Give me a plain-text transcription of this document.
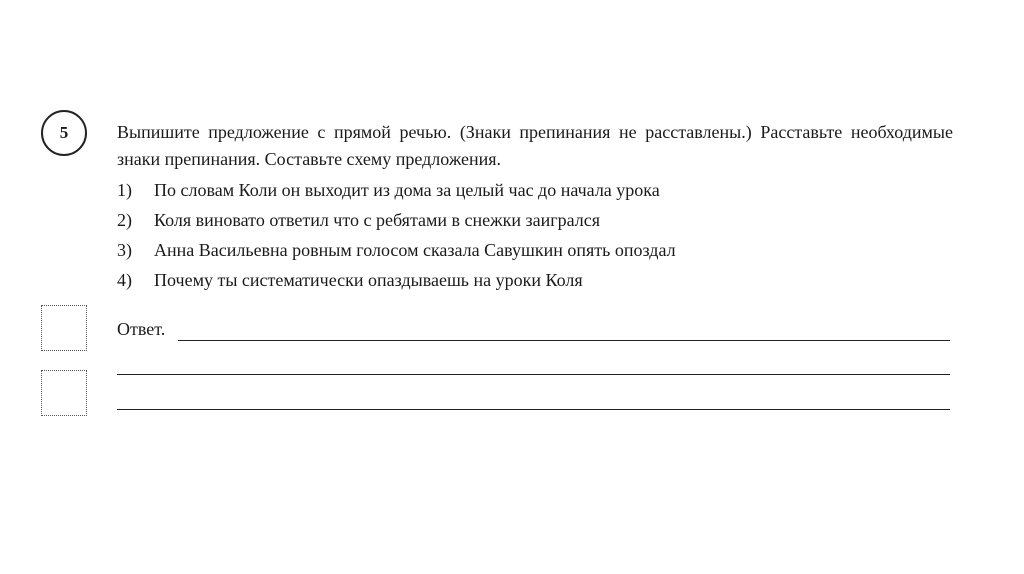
5	Выпишите предложение с прямой речью. (Знаки препинания не расставлены.) Расставьте необходимые знаки препинания. Составьте схему предложения.
1)	По словам Коли он выходит из дома за целый час до начала урока
2)	Коля виновато ответил что с ребятами в снежки заигрался
3)	Анна Васильевна ровным голосом сказала Савушкин опять опоздал
4)	Почему ты систематически опаздываешь на уроки Коля
Ответ.
